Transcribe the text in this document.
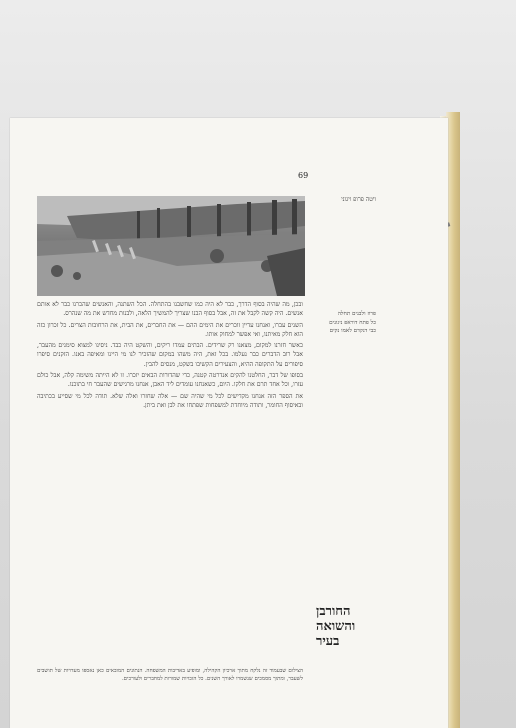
69
ויטה פרופ ויגוני
פרוז ולבנים תחלה
כל פתח דוראפ ניגונים
כבי דנקדם לאמו נקים

ובכן, מה שהיה בסוף הדרך, כבר לא היה כמו שחשבנו בהתחלה. הכל השתנה, והאנשים שהכרנו כבר לא אותם אנשים. היה קשה לקבל את זה, אבל בסוף הבנו שצריך להמשיך הלאה, ולבנות מחדש את מה שנהרס.

השנים עברו, ואנחנו עדיין זוכרים את הימים ההם — את החברים, את הבית, את הרחובות הצרים. כל זכרון כזה הוא חלק מאיתנו, ואי אפשר למחוק אותו.

כאשר חזרנו למקום, מצאנו רק שרידים. הבתים עמדו ריקים, והשקט היה כבד. ניסינו למצוא סימנים מהעבר, אבל רוב הדברים כבר נעלמו. בכל זאת, היה משהו במקום שהזכיר לנו מי היינו ומאיפה באנו. הזקנים סיפרו סיפורים על התקופה ההיא, והצעירים הקשיבו בשקט, מנסים להבין.

בסופו של דבר, החלטנו להקים אנדרטה קטנה, כדי שהדורות הבאים יזכרו. זו לא הייתה משימה קלה, אבל כולם עזרו, וכל אחד תרם את חלקו. היום, כשאנחנו עומדים ליד האבן, אנחנו מרגישים שהעבר חי בתוכנו.

את הספר הזה אנחנו מקדישים לכל מי שהיה שם — אלה שחזרו ואלה שלא. תודה לכל מי שסייע בכתיבה ובאיסוף החומר, ותודה מיוחדת למשפחות שפתחו את לבן ואת ביתן.

החורבן
והשואה
בעיר
הצילום שבעמוד זה נלקח מתוך ארכיון הקהילה, ומופיע באדיבות המשפחה. הנתונים המובאים כאן נאספו מעדויות של תושבים לשעבר, ומתוך מסמכים שנשמרו לאורך השנים. כל הזכויות שמורות למחברים ולעורכים.
